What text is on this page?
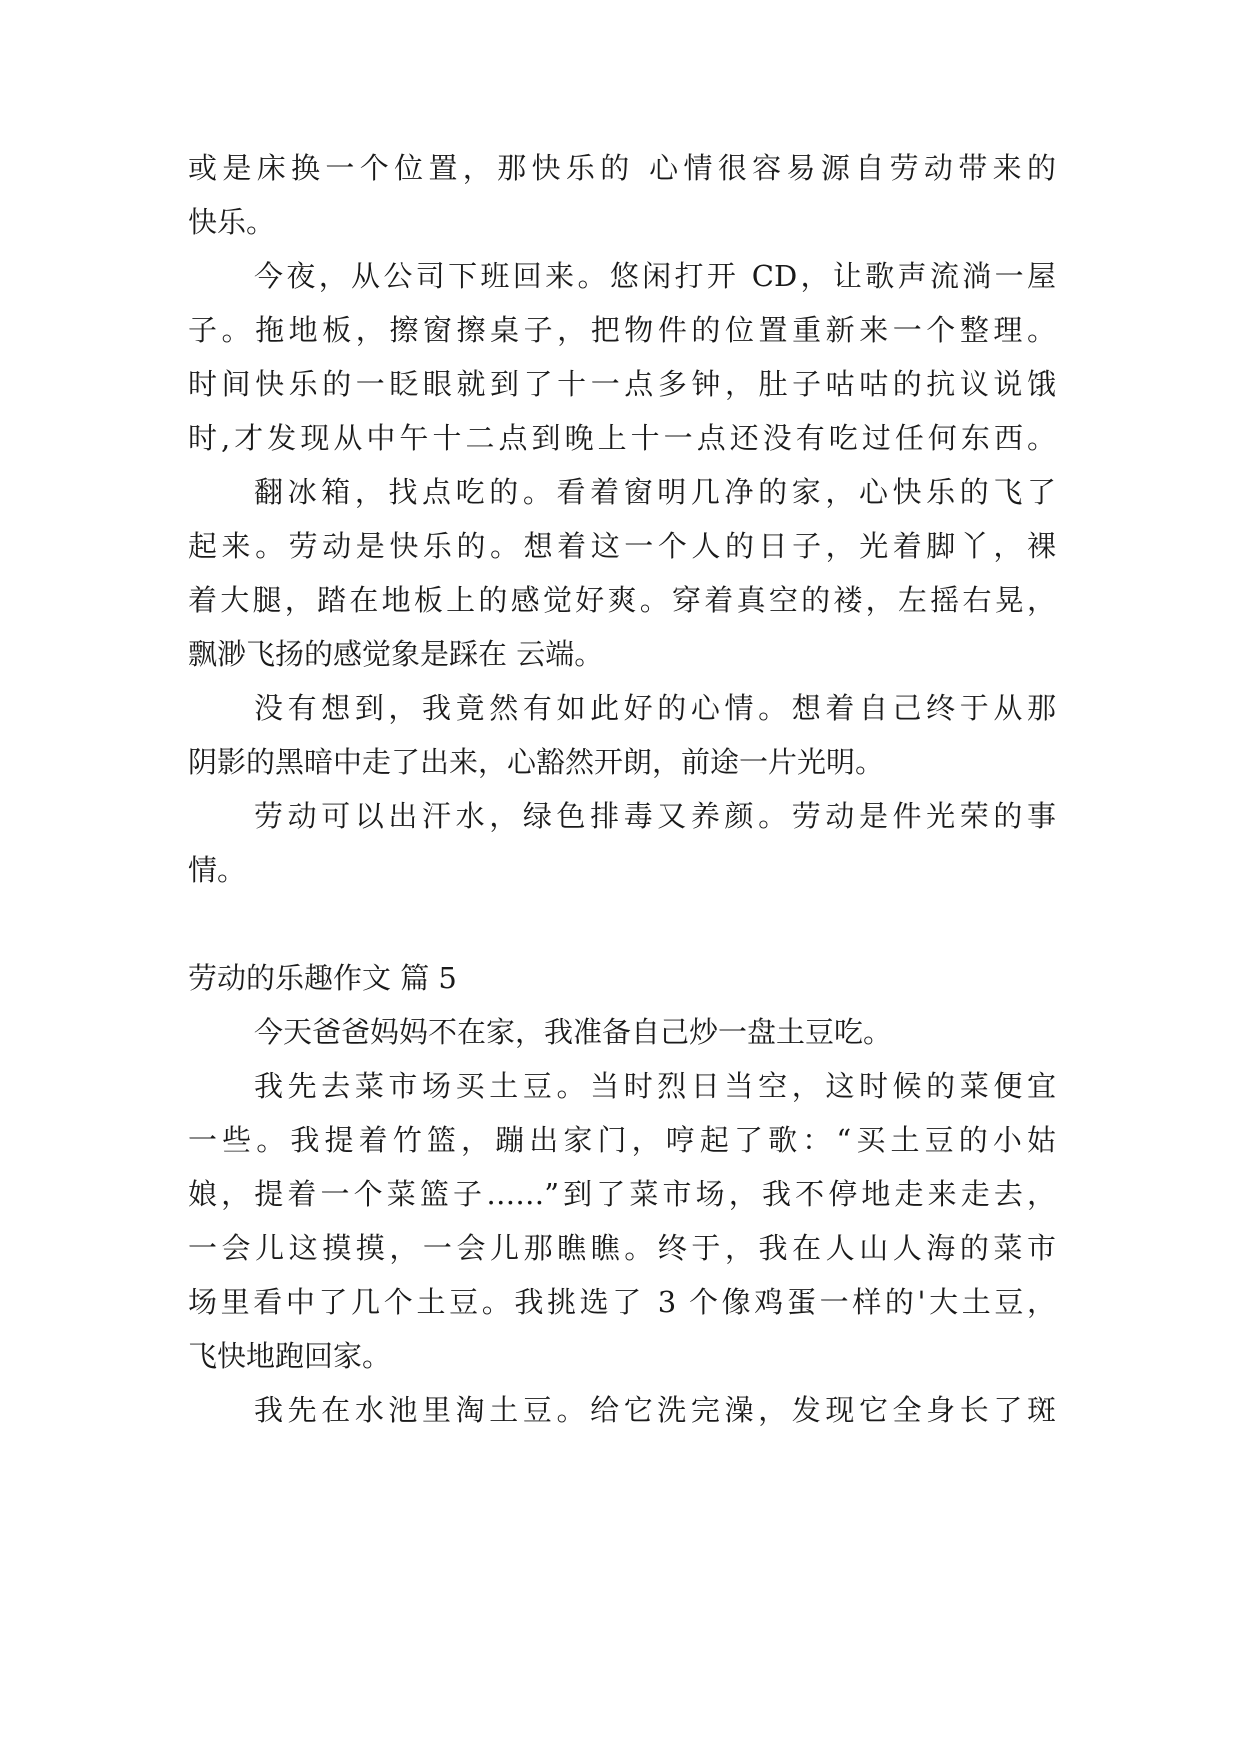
或是床换一个位置，那快乐的 心情很容易源自劳动带来的

快乐。

今夜，从公司下班回来。悠闲打开 CD，让歌声流淌一屋

子。拖地板，擦窗擦桌子，把物件的位置重新来一个整理。

时间快乐的一眨眼就到了十一点多钟，肚子咕咕的抗议说饿

时,才发现从中午十二点到晚上十一点还没有吃过任何东西。

翻冰箱，找点吃的。看着窗明几净的家，心快乐的飞了

起来。劳动是快乐的。想着这一个人的日子，光着脚丫，裸

着大腿，踏在地板上的感觉好爽。穿着真空的褛，左摇右晃，

飘渺飞扬的感觉象是踩在 云端。

没有想到，我竟然有如此好的心情。想着自己终于从那

阴影的黑暗中走了出来，心豁然开朗，前途一片光明。

劳动可以出汗水，绿色排毒又养颜。劳动是件光荣的事

情。

劳动的乐趣作文 篇 5

今天爸爸妈妈不在家，我准备自己炒一盘土豆吃。

我先去菜市场买土豆。当时烈日当空，这时候的菜便宜

一些。我提着竹篮，蹦出家门，哼起了歌：“买土豆的小姑

娘，提着一个菜篮子……”到了菜市场，我不停地走来走去，

一会儿这摸摸，一会儿那瞧瞧。终于，我在人山人海的菜市

场里看中了几个土豆。我挑选了 3 个像鸡蛋一样的'大土豆，

飞快地跑回家。

我先在水池里淘土豆。给它洗完澡，发现它全身长了斑
